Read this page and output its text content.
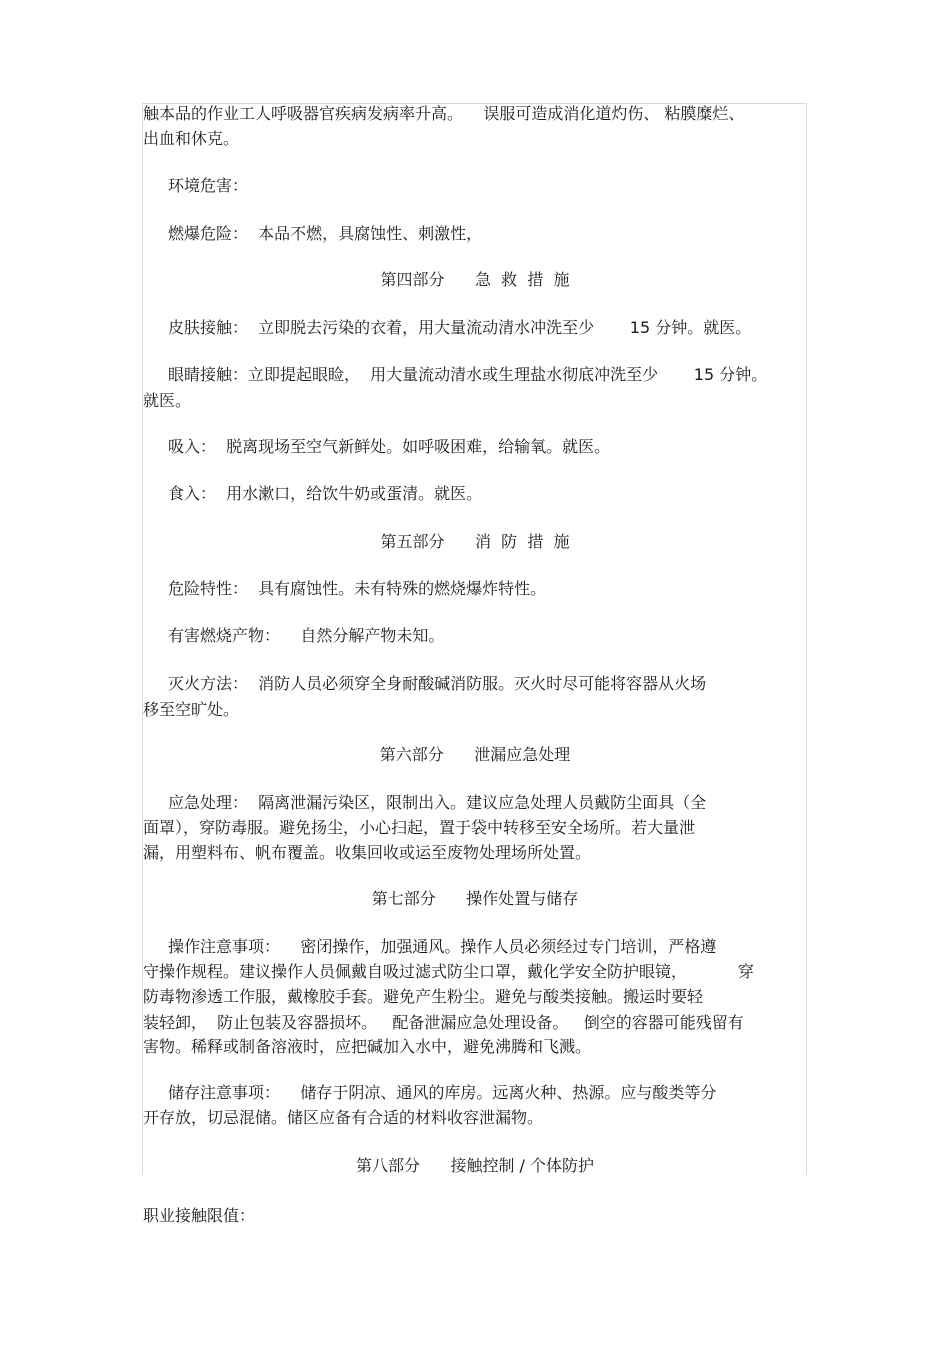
触本品的作业工人呼吸器官疾病发病率升高。    误服可造成消化道灼伤、 粘膜糜烂、
出血和休克。
环境危害：
燃爆危险：  本品不燃，具腐蚀性、刺激性，
第四部分      急  救  措  施
皮肤接触：  立即脱去污染的衣着，用大量流动清水冲洗至少       15 分钟。就医。
眼睛接触：立即提起眼睑，  用大量流动清水或生理盐水彻底冲洗至少       15 分钟。
就医。
吸入：  脱离现场至空气新鲜处。如呼吸困难，给输氧。就医。
食入：  用水漱口，给饮牛奶或蛋清。就医。
第五部分      消  防  措  施
危险特性：  具有腐蚀性。未有特殊的燃烧爆炸特性。
有害燃烧产物：    自然分解产物未知。
灭火方法：  消防人员必须穿全身耐酸碱消防服。灭火时尽可能将容器从火场
移至空旷处。
第六部分      泄漏应急处理
应急处理：  隔离泄漏污染区，限制出入。建议应急处理人员戴防尘面具（全
面罩），穿防毒服。避免扬尘，小心扫起，置于袋中转移至安全场所。若大量泄
漏，用塑料布、帆布覆盖。收集回收或运至废物处理场所处置。
第七部分      操作处置与储存
操作注意事项：    密闭操作，加强通风。操作人员必须经过专门培训，严格遵
守操作规程。建议操作人员佩戴自吸过滤式防尘口罩，戴化学安全防护眼镜，          穿
防毒物渗透工作服，戴橡胶手套。避免产生粉尘。避免与酸类接触。搬运时要轻
装轻卸，  防止包装及容器损坏。   配备泄漏应急处理设备。   倒空的容器可能残留有
害物。稀释或制备溶液时，应把碱加入水中，避免沸腾和飞溅。
储存注意事项：    储存于阴凉、通风的库房。远离火种、热源。应与酸类等分
开存放，切忌混储。储区应备有合适的材料收容泄漏物。
第八部分      接触控制 / 个体防护
职业接触限值：
